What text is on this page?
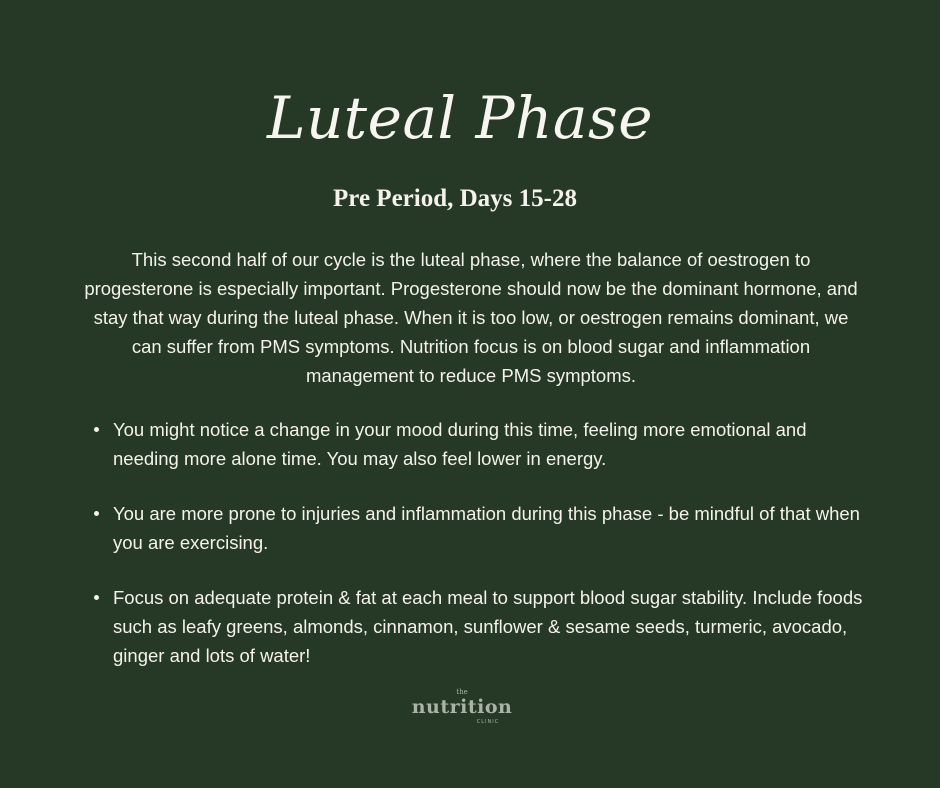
Luteal Phase
Pre Period, Days 15-28

This second half of our cycle is the luteal phase, where the balance of oestrogen to progesterone is especially important. Progesterone should now be the dominant hormone, and stay that way during the luteal phase. When it is too low, or oestrogen remains dominant, we can suffer from PMS symptoms. Nutrition focus is on blood sugar and inflammation management to reduce PMS symptoms.

You might notice a change in your mood during this time, feeling more emotional and needing more alone time. You may also feel lower in energy.
You are more prone to injuries and inflammation during this phase - be mindful of that when you are exercising.
Focus on adequate protein & fat at each meal to support blood sugar stability. Include foods such as leafy greens, almonds, cinnamon, sunflower & sesame seeds, turmeric, avocado, ginger and lots of water!
the
nutrition
CLINIC
